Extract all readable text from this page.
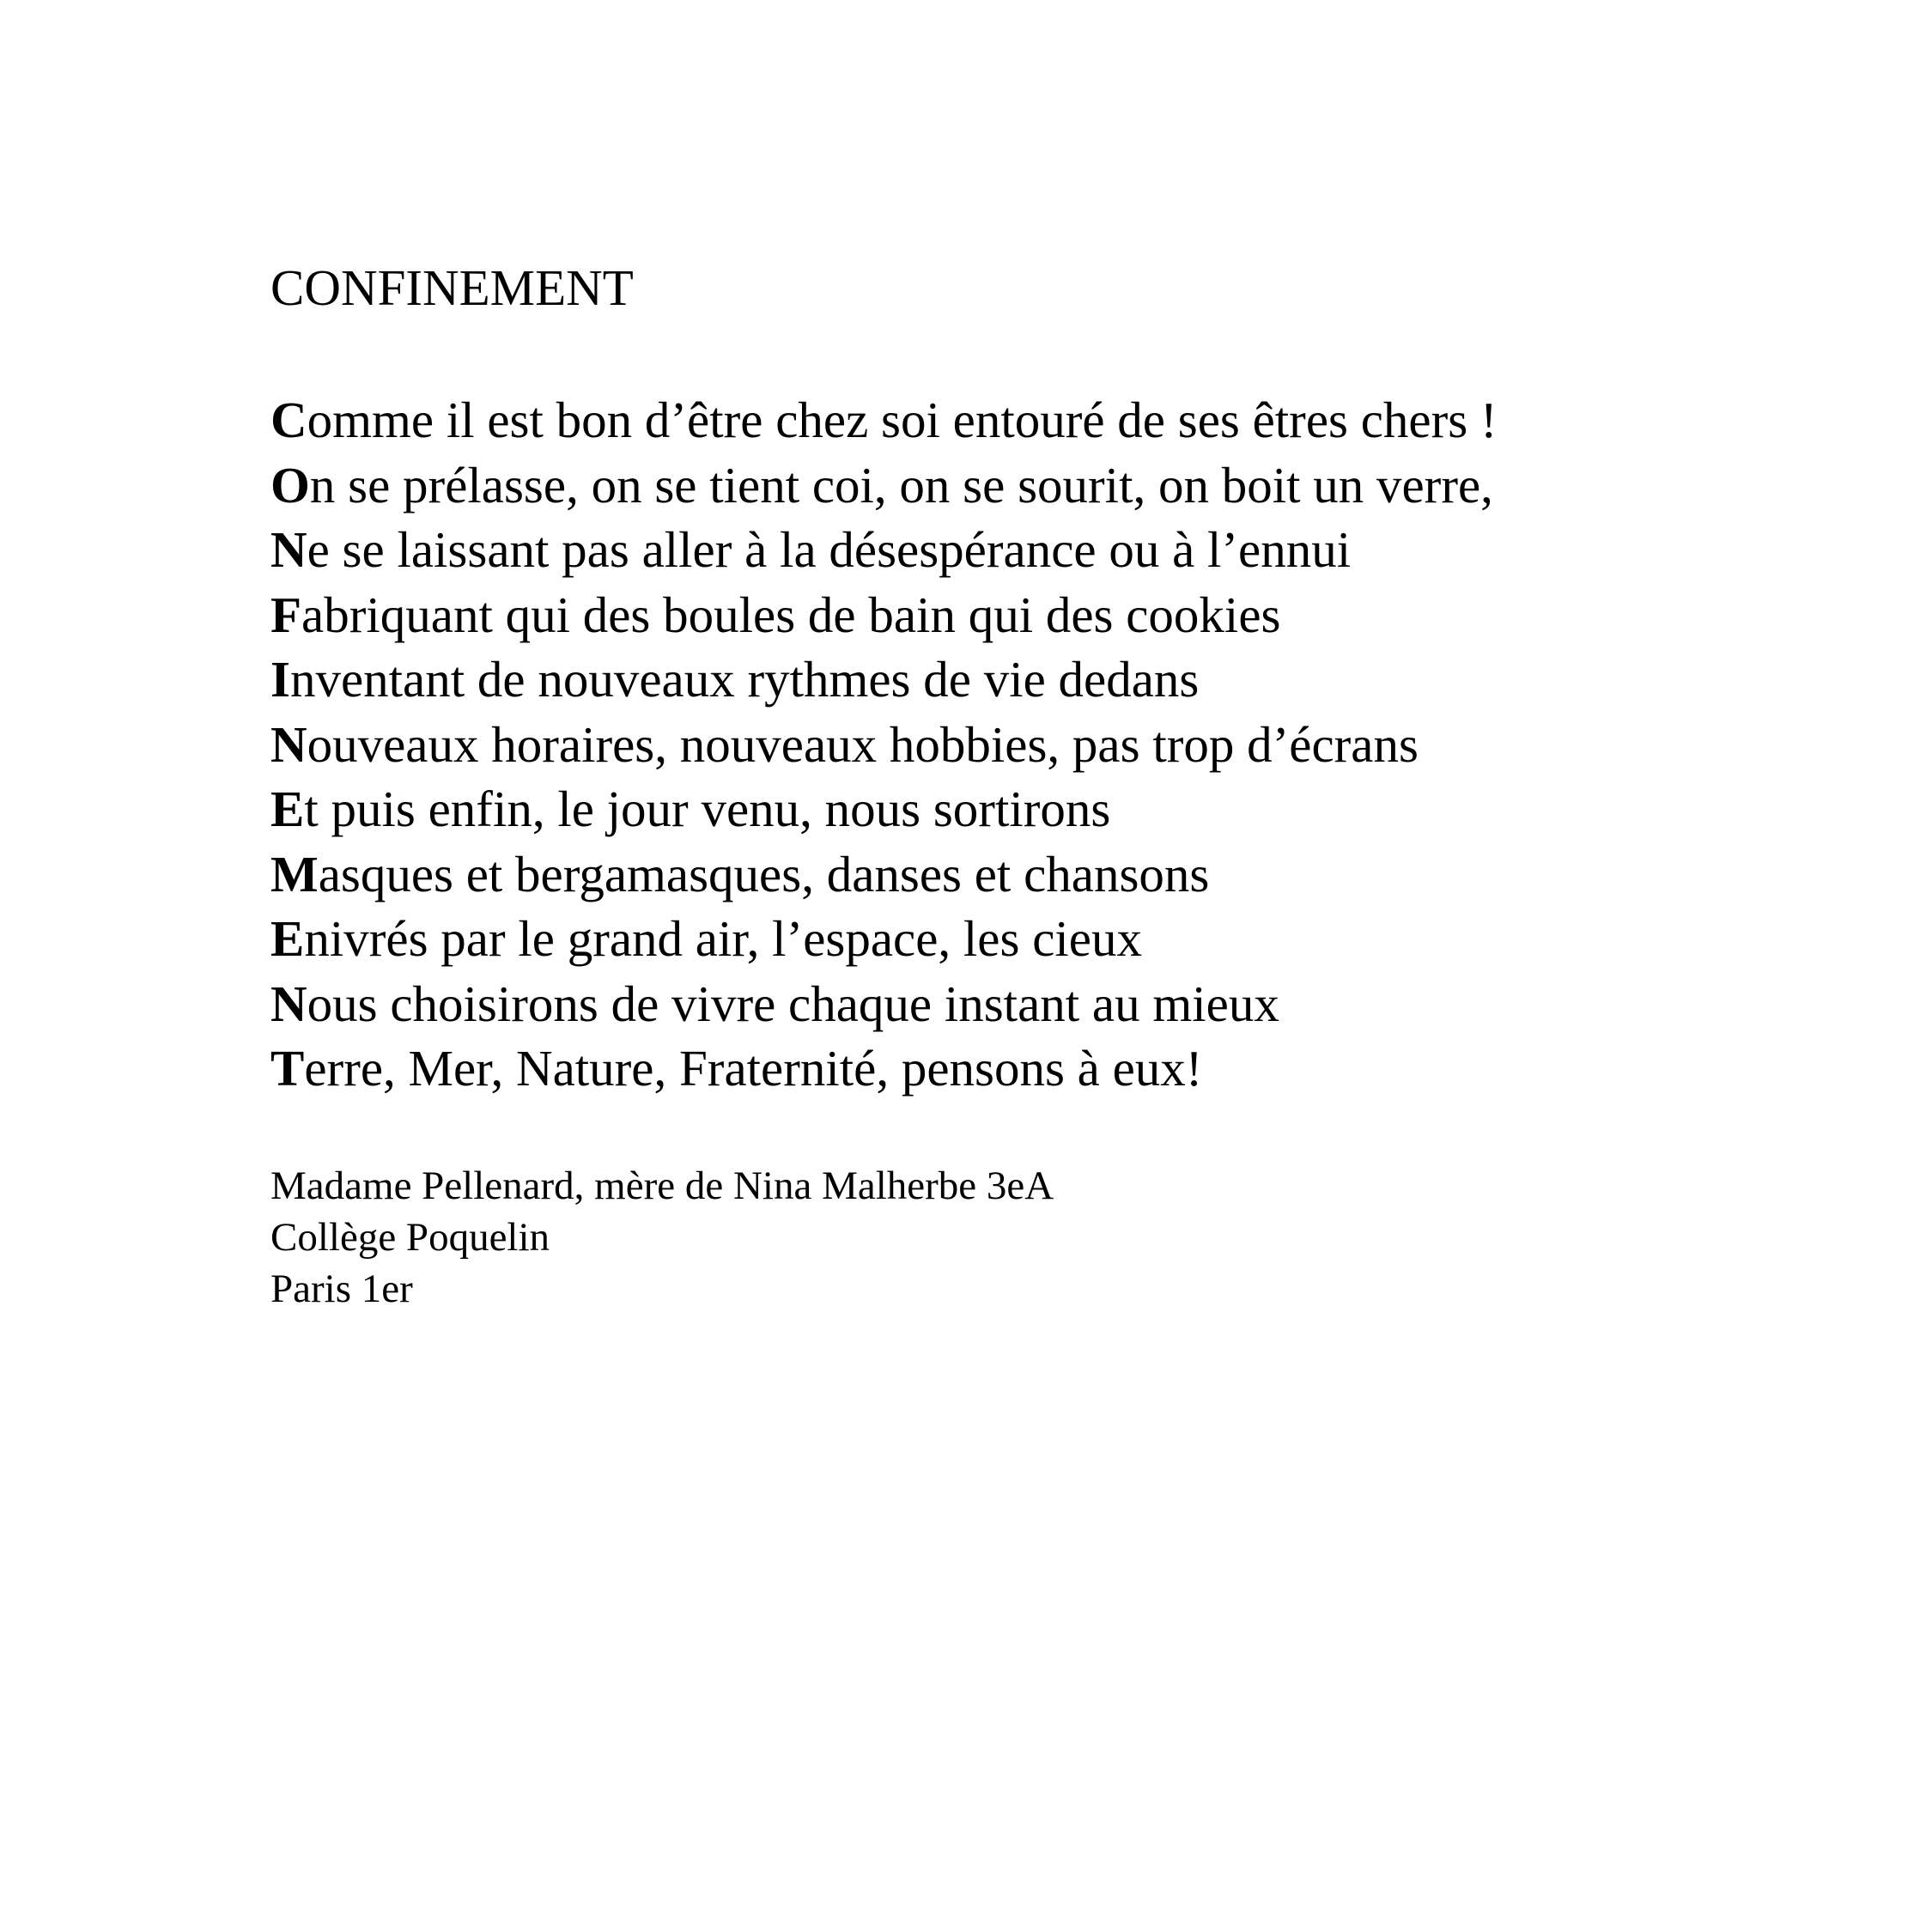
CONFINEMENT
Comme il est bon d’être chez soi entouré de ses êtres chers !
On se prélasse, on se tient coi, on se sourit, on boit un verre,
Ne se laissant pas aller à la désespérance ou à l’ennui
Fabriquant qui des boules de bain qui des cookies
Inventant de nouveaux rythmes de vie dedans
Nouveaux horaires, nouveaux hobbies, pas trop d’écrans
Et puis enfin, le jour venu, nous sortirons
Masques et bergamasques, danses et chansons
Enivrés par le grand air, l’espace, les cieux
Nous choisirons de vivre chaque instant au mieux
Terre, Mer, Nature, Fraternité, pensons à eux!
Madame Pellenard, mère de Nina Malherbe 3eA
Collège Poquelin
Paris 1er
